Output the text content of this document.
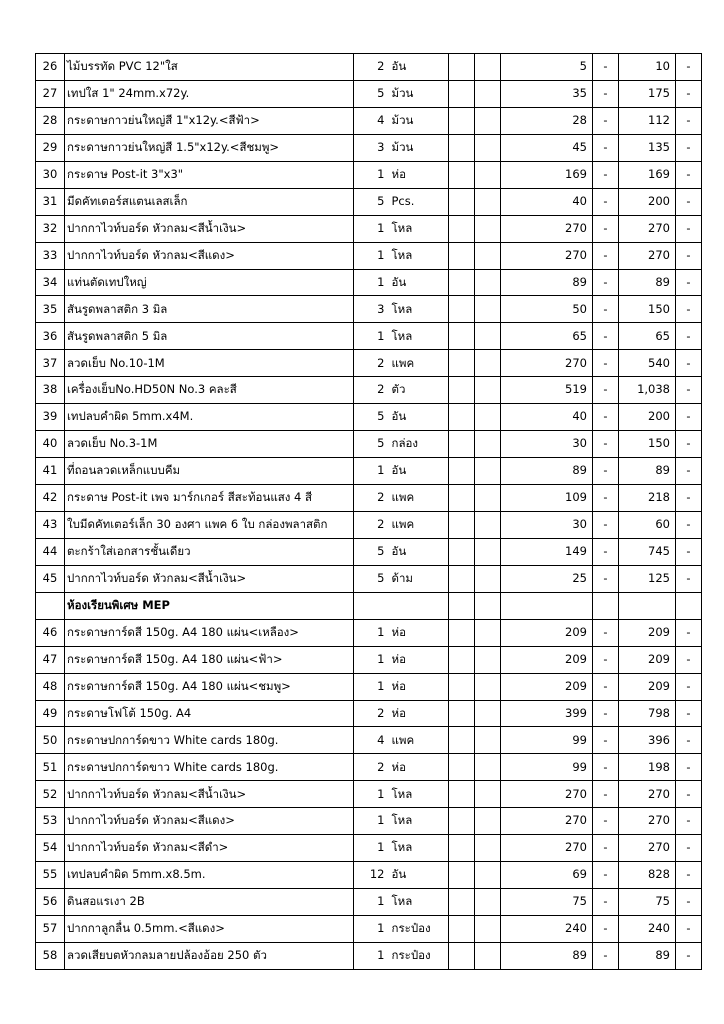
26	ไม้บรรทัด PVC 12"ใส	2	อัน			5	-	10	-
27	เทปใส 1" 24mm.x72y.	5	ม้วน			35	-	175	-
28	กระดาษกาวย่นใหญ่สี 1"x12y.<สีฟ้า>	4	ม้วน			28	-	112	-
29	กระดาษกาวย่นใหญ่สี 1.5"x12y.<สีชมพู>	3	ม้วน			45	-	135	-
30	กระดาษ Post-it 3"x3"	1	ห่อ			169	-	169	-
31	มีดคัทเตอร์สแตนเลสเล็ก	5	Pcs.			40	-	200	-
32	ปากกาไวท์บอร์ด หัวกลม<สีน้ำเงิน>	1	โหล			270	-	270	-
33	ปากกาไวท์บอร์ด หัวกลม<สีแดง>	1	โหล			270	-	270	-
34	แท่นตัดเทปใหญ่	1	อัน			89	-	89	-
35	สันรูดพลาสติก 3 มิล	3	โหล			50	-	150	-
36	สันรูดพลาสติก 5 มิล	1	โหล			65	-	65	-
37	ลวดเย็บ No.10-1M	2	แพค			270	-	540	-
38	เครื่องเย็บNo.HD50N No.3 คละสี	2	ตัว			519	-	1,038	-
39	เทปลบคำผิด 5mm.x4M.	5	อัน			40	-	200	-
40	ลวดเย็บ No.3-1M	5	กล่อง			30	-	150	-
41	ที่ถอนลวดเหล็กแบบคีม	1	อัน			89	-	89	-
42	กระดาษ Post-it เพจ มาร์กเกอร์ สีสะท้อนแสง 4 สี	2	แพค			109	-	218	-
43	ใบมีดคัทเตอร์เล็ก 30 องศา แพค 6 ใบ กล่องพลาสติก	2	แพค			30	-	60	-
44	ตะกร้าใส่เอกสารชั้นเดียว	5	อัน			149	-	745	-
45	ปากกาไวท์บอร์ด หัวกลม<สีน้ำเงิน>	5	ด้าม			25	-	125	-
	ห้องเรียนพิเศษ MEP								
46	กระดาษการ์ดสี 150g. A4 180 แผ่น<เหลือง>	1	ห่อ			209	-	209	-
47	กระดาษการ์ดสี 150g. A4 180 แผ่น<ฟ้า>	1	ห่อ			209	-	209	-
48	กระดาษการ์ดสี 150g. A4 180 แผ่น<ชมพู>	1	ห่อ			209	-	209	-
49	กระดาษโฟโต้ 150g. A4	2	ห่อ			399	-	798	-
50	กระดาษปกการ์ดขาว White cards 180g.	4	แพค			99	-	396	-
51	กระดาษปกการ์ดขาว White cards 180g.	2	ห่อ			99	-	198	-
52	ปากกาไวท์บอร์ด หัวกลม<สีน้ำเงิน>	1	โหล			270	-	270	-
53	ปากกาไวท์บอร์ด หัวกลม<สีแดง>	1	โหล			270	-	270	-
54	ปากกาไวท์บอร์ด หัวกลม<สีดำ>	1	โหล			270	-	270	-
55	เทปลบคำผิด 5mm.x8.5m.	12	อัน			69	-	828	-
56	ดินสอแรเงา 2B	1	โหล			75	-	75	-
57	ปากกาลูกลื่น 0.5mm.<สีแดง>	1	กระป๋อง			240	-	240	-
58	ลวดเสียบตหัวกลมลายปล้องอ้อย 250 ตัว	1	กระป๋อง			89	-	89	-
